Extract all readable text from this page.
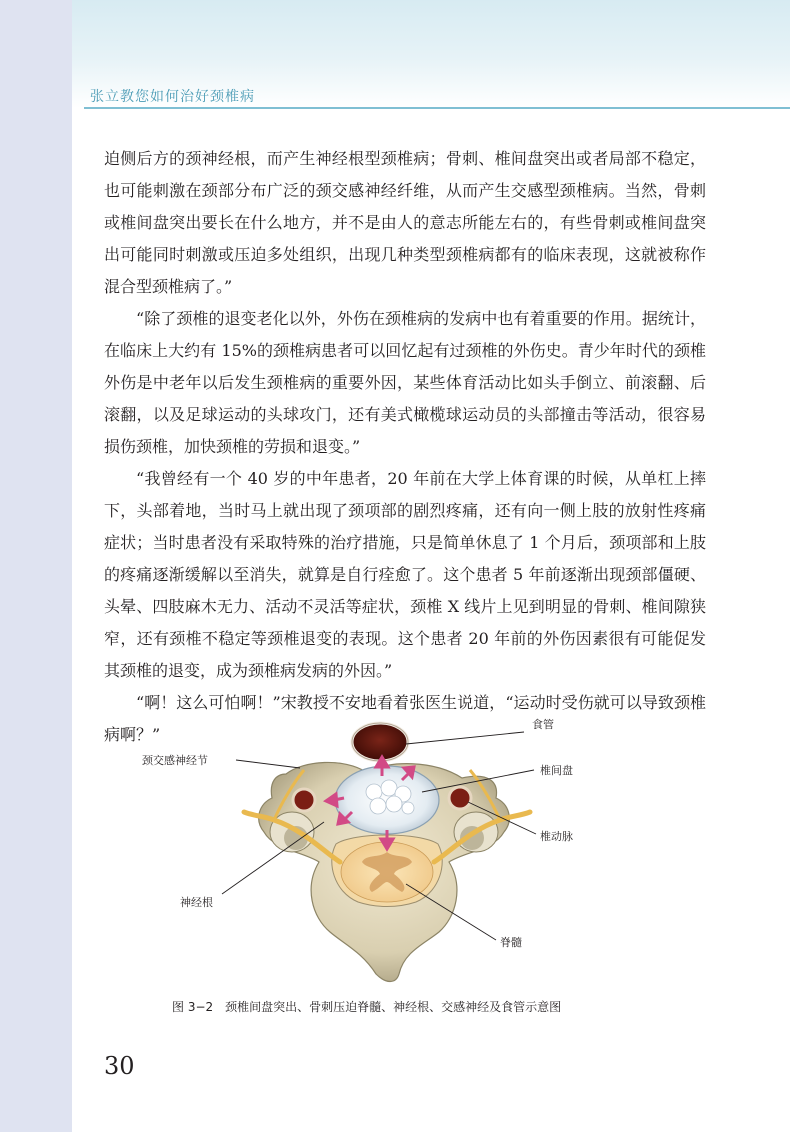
张立教您如何治好颈椎病

迫侧后方的颈神经根，而产生神经根型颈椎病；骨刺、椎间盘突出或者局部不稳定，也可能刺激在颈部分布广泛的颈交感神经纤维，从而产生交感型颈椎病。当然，骨刺或椎间盘突出要长在什么地方，并不是由人的意志所能左右的，有些骨刺或椎间盘突出可能同时刺激或压迫多处组织，出现几种类型颈椎病都有的临床表现，这就被称作混合型颈椎病了。”

“除了颈椎的退变老化以外，外伤在颈椎病的发病中也有着重要的作用。据统计，在临床上大约有 15%的颈椎病患者可以回忆起有过颈椎的外伤史。青少年时代的颈椎外伤是中老年以后发生颈椎病的重要外因，某些体育活动比如头手倒立、前滚翻、后滚翻，以及足球运动的头球攻门，还有美式橄榄球运动员的头部撞击等活动，很容易损伤颈椎，加快颈椎的劳损和退变。”

“我曾经有一个 40 岁的中年患者，20 年前在大学上体育课的时候，从单杠上摔下，头部着地，当时马上就出现了颈项部的剧烈疼痛，还有向一侧上肢的放射性疼痛症状；当时患者没有采取特殊的治疗措施，只是简单休息了 1 个月后，颈项部和上肢的疼痛逐渐缓解以至消失，就算是自行痊愈了。这个患者 5 年前逐渐出现颈部僵硬、头晕、四肢麻木无力、活动不灵活等症状，颈椎 X 线片上见到明显的骨刺、椎间隙狭窄，还有颈椎不稳定等颈椎退变的表现。这个患者 20 年前的外伤因素很有可能促发其颈椎的退变，成为颈椎病发病的外因。”

“啊！这么可怕啊！”宋教授不安地看着张医生说道，“运动时受伤就可以导致颈椎病啊？”

食管
颈交感神经节
椎间盘
椎动脉
神经根
脊髓
图 3−2　颈椎间盘突出、骨刺压迫脊髓、神经根、交感神经及食管示意图
30
